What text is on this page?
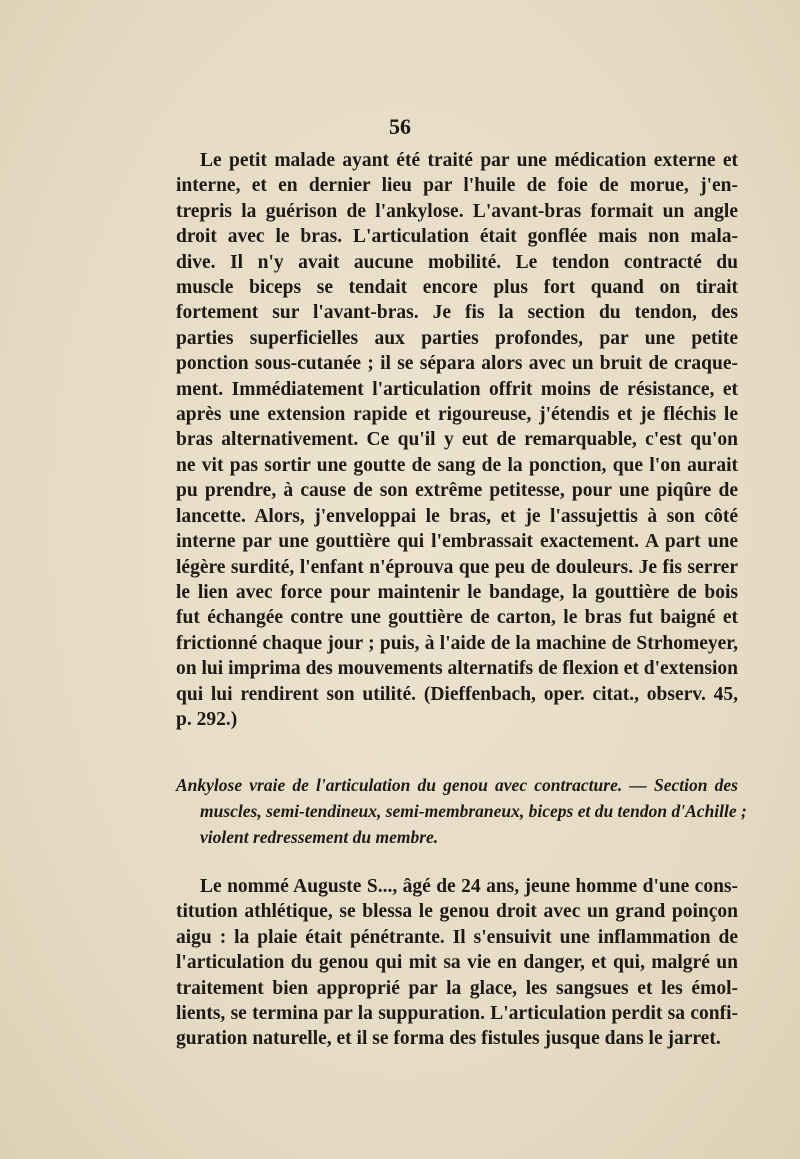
56
Le petit malade ayant été traité par une médication externe et
interne, et en dernier lieu par l'huile de foie de morue, j'en-
trepris la guérison de l'ankylose. L'avant-bras formait un angle
droit avec le bras. L'articulation était gonflée mais non mala-
dive. Il n'y avait aucune mobilité. Le tendon contracté du
muscle biceps se tendait encore plus fort quand on tirait
fortement sur l'avant-bras. Je fis la section du tendon, des
parties superficielles aux parties profondes, par une petite
ponction sous-cutanée ; il se sépara alors avec un bruit de craque-
ment. Immédiatement l'articulation offrit moins de résistance, et
après une extension rapide et rigoureuse, j'étendis et je fléchis le
bras alternativement. Ce qu'il y eut de remarquable, c'est qu'on
ne vit pas sortir une goutte de sang de la ponction, que l'on aurait
pu prendre, à cause de son extrême petitesse, pour une piqûre de
lancette. Alors, j'enveloppai le bras, et je l'assujettis à son côté
interne par une gouttière qui l'embrassait exactement. A part une
légère surdité, l'enfant n'éprouva que peu de douleurs. Je fis serrer
le lien avec force pour maintenir le bandage, la gouttière de bois
fut échangée contre une gouttière de carton, le bras fut baigné et
frictionné chaque jour ; puis, à l'aide de la machine de Strhomeyer,
on lui imprima des mouvements alternatifs de flexion et d'extension
qui lui rendirent son utilité. (Dieffenbach, oper. citat., observ. 45,
p. 292.)
Ankylose vraie de l'articulation du genou avec contracture. — Section des
muscles, semi-tendineux, semi-membraneux, biceps et du tendon d'Achille ;
violent redressement du membre.
Le nommé Auguste S..., âgé de 24 ans, jeune homme d'une cons-
titution athlétique, se blessa le genou droit avec un grand poinçon
aigu : la plaie était pénétrante. Il s'ensuivit une inflammation de
l'articulation du genou qui mit sa vie en danger, et qui, malgré un
traitement bien approprié par la glace, les sangsues et les émol-
lients, se termina par la suppuration. L'articulation perdit sa confi-
guration naturelle, et il se forma des fistules jusque dans le jarret.
